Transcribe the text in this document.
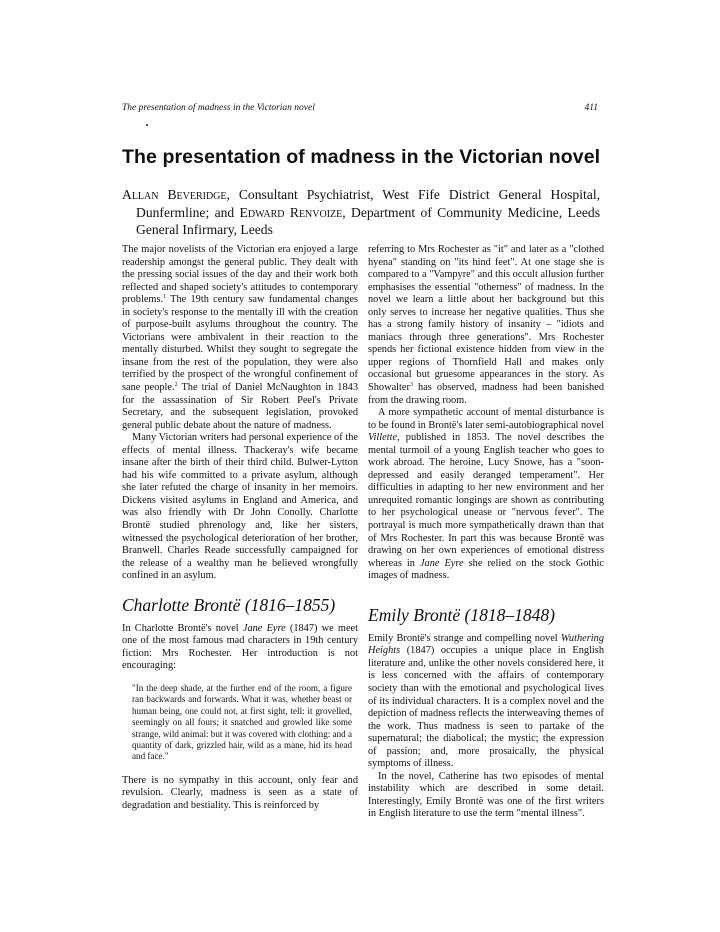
The presentation of madness in the Victorian novel	411
The presentation of madness in the Victorian novel
Allan Beveridge, Consultant Psychiatrist, West Fife District General Hospital, Dunfermline; and Edward Renvoize, Department of Community Medicine, Leeds General Infirmary, Leeds

The major novelists of the Victorian era enjoyed a large readership amongst the general public. They dealt with the pressing social issues of the day and their work both reflected and shaped society's attitudes to contemporary problems.$^1$ The 19th century saw fundamental changes in society's response to the mentally ill with the creation of purpose-built asylums throughout the country. The Victorians were ambivalent in their reaction to the mentally disturbed. Whilst they sought to segregate the insane from the rest of the population, they were also terrified by the prospect of the wrongful confinement of sane people.$^2$ The trial of Daniel McNaughton in 1843 for the assassination of Sir Robert Peel's Private Secretary, and the subsequent legislation, provoked general public debate about the nature of madness.

Many Victorian writers had personal experience of the effects of mental illness. Thackeray's wife became insane after the birth of their third child. Bulwer-Lytton had his wife committed to a private asylum, although she later refuted the charge of insanity in her memoirs. Dickens visited asylums in England and America, and was also friendly with Dr John Conolly. Charlotte Brontë studied phrenology and, like her sisters, witnessed the psychological deterioration of her brother, Branwell. Charles Reade successfully campaigned for the release of a wealthy man he believed wrongfully confined in an asylum.

Charlotte Brontë (1816–1855)

In Charlotte Brontë's novel Jane Eyre (1847) we meet one of the most famous mad characters in 19th century fiction: Mrs Rochester. Her introduction is not encouraging:

"In the deep shade, at the further end of the room, a figure ran backwards and forwards. What it was, whether beast or human being, one could not, at first sight, tell: it grovelled, seemingly on all fours; it snatched and growled like some strange, wild animal: but it was covered with clothing: and a quantity of dark, grizzled hair, wild as a mane, hid its head and face."

There is no sympathy in this account, only fear and revulsion. Clearly, madness is seen as a state of degradation and bestiality. This is reinforced by

referring to Mrs Rochester as "it" and later as a "clothed hyena" standing on "its hind feet". At one stage she is compared to a "Vampyre" and this occult allusion further emphasises the essential "otherness" of madness. In the novel we learn a little about her background but this only serves to increase her negative qualities. Thus she has a strong family history of insanity – "idiots and maniacs through three generations". Mrs Rochester spends her fictional existence hidden from view in the upper regions of Thornfield Hall and makes only occasional but gruesome appearances in the story. As Showalter$^3$ has observed, madness had been banished from the drawing room.

A more sympathetic account of mental disturbance is to be found in Brontë's later semi-autobiographical novel Villette, published in 1853. The novel describes the mental turmoil of a young English teacher who goes to work abroad. The heroine, Lucy Snowe, has a "soon-depressed and easily deranged temperament". Her difficulties in adapting to her new environment and her unrequited romantic longings are shown as contributing to her psychological unease or "nervous fever". The portrayal is much more sympathetically drawn than that of Mrs Rochester. In part this was because Brontë was drawing on her own experiences of emotional distress whereas in Jane Eyre she relied on the stock Gothic images of madness.

Emily Brontë (1818–1848)

Emily Brontë's strange and compelling novel Wuthering Heights (1847) occupies a unique place in English literature and, unlike the other novels considered here, it is less concerned with the affairs of contemporary society than with the emotional and psychological lives of its individual characters. It is a complex novel and the depiction of madness reflects the interweaving themes of the work. Thus madness is seen to partake of the supernatural; the diabolical; the mystic; the expression of passion; and, more prosaically, the physical symptoms of illness.

In the novel, Catherine has two episodes of mental instability which are described in some detail. Interestingly, Emily Brontë was one of the first writers in English literature to use the term "mental illness".
